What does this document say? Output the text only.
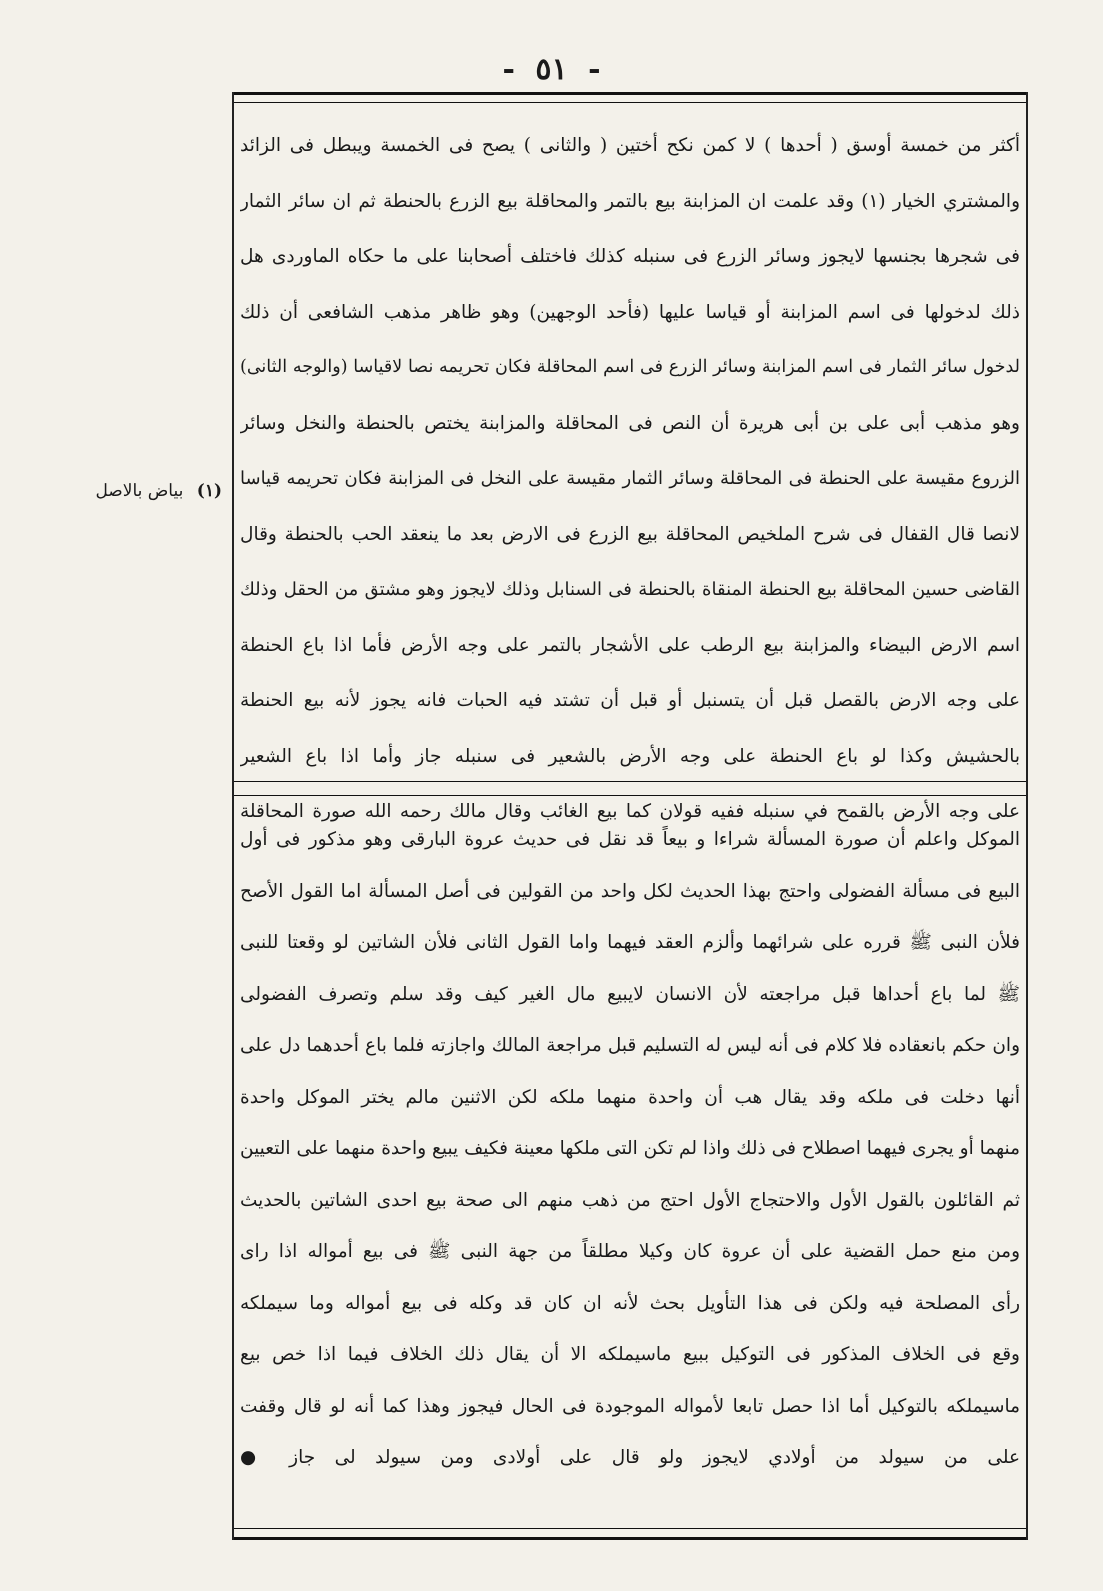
- ٥١ -
(١) بياض بالاصل
أكثر من خمسة أوسق ( أحدها ) لا كمن نكح أختين ( والثانى ) يصح فى الخمسة ويبطل فى الزائد
والمشتري الخيار (١) وقد علمت ان المزابنة بيع بالتمر والمحاقلة بيع الزرع بالحنطة ثم ان سائر الثمار
فى شجرها بجنسها لايجوز وسائر الزرع فى سنبله كذلك فاختلف أصحابنا على ما حكاه الماوردى هل
ذلك لدخولها فى اسم المزابنة أو قياسا عليها (فأحد الوجهين) وهو ظاهر مذهب الشافعى أن ذلك
لدخول سائر الثمار فى اسم المزابنة وسائر الزرع فى اسم المحاقلة فكان تحريمه نصا لاقياسا (والوجه الثانى)
وهو مذهب أبى على بن أبى هريرة أن النص فى المحاقلة والمزابنة يختص بالحنطة والنخل وسائر
الزروع مقيسة على الحنطة فى المحاقلة وسائر الثمار مقيسة على النخل فى المزابنة فكان تحريمه قياسا
لانصا قال القفال فى شرح الملخيص المحاقلة بيع الزرع فى الارض بعد ما ينعقد الحب بالحنطة وقال
القاضى حسين المحاقلة بيع الحنطة المنقاة بالحنطة فى السنابل وذلك لايجوز وهو مشتق من الحقل وذلك
اسم الارض البيضاء والمزابنة بيع الرطب على الأشجار بالتمر على وجه الأرض فأما اذا باع الحنطة
على وجه الارض بالقصل قبل أن يتسنبل أو قبل أن تشتد فيه الحبات فانه يجوز لأنه بيع الحنطة
بالحشيش وكذا لو باع الحنطة على وجه الأرض بالشعير فى سنبله جاز وأما اذا باع الشعير
على وجه الأرض بالقمح في سنبله ففيه قولان كما بيع الغائب وقال مالك رحمه الله صورة المحاقلة
الموكل واعلم أن صورة المسألة شراءا و بيعاً قد نقل فى حديث عروة البارقى وهو مذكور فى أول
البيع فى مسألة الفضولى واحتج بهذا الحديث لكل واحد من القولين فى أصل المسألة اما القول الأصح
فلأن النبى ﷺ قرره على شرائهما وألزم العقد فيهما واما القول الثانى فلأن الشاتين لو وقعتا للنبى
ﷺ لما باع أحداها قبل مراجعته لأن الانسان لايبيع مال الغير كيف وقد سلم وتصرف الفضولى
وان حكم بانعقاده فلا كلام فى أنه ليس له التسليم قبل مراجعة المالك واجازته فلما باع أحدهما دل على
أنها دخلت فى ملكه وقد يقال هب أن واحدة منهما ملكه لكن الاثنين مالم يختر الموكل واحدة
منهما أو يجرى فيهما اصطلاح فى ذلك واذا لم تكن التى ملكها معينة فكيف يبيع واحدة منهما على التعيين
ثم القائلون بالقول الأول والاحتجاج الأول احتج من ذهب منهم الى صحة بيع احدى الشاتين بالحديث
ومن منع حمل القضية على أن عروة كان وكيلا مطلقاً من جهة النبى ﷺ فى بيع أمواله اذا راى
رأى المصلحة فيه ولكن فى هذا التأويل بحث لأنه ان كان قد وكله فى بيع أمواله وما سيملكه
وقع فى الخلاف المذكور فى التوكيل ببيع ماسيملكه الا أن يقال ذلك الخلاف فيما اذا خص بيع
ماسيملكه بالتوكيل أما اذا حصل تابعا لأمواله الموجودة فى الحال فيجوز وهذا كما أنه لو قال وقفت
على من سيولد من أولادي لايجوز ولو قال على أولادى ومن سيولد لى جاز ●
